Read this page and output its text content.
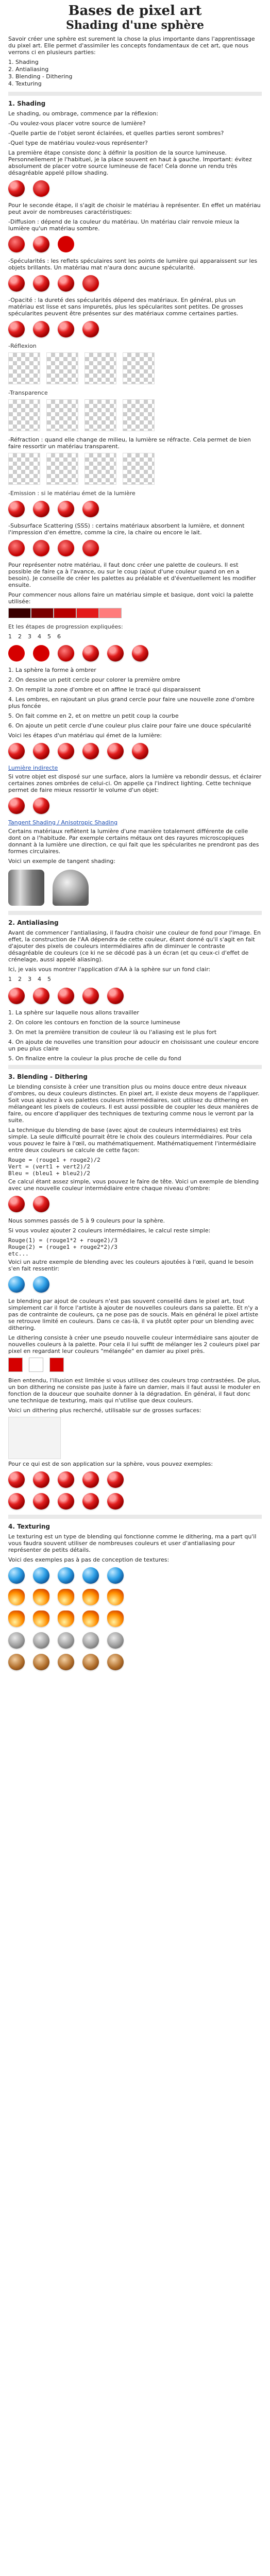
Bases de pixel art
Shading d'une sphère

Savoir créer une sphère est surement la chose la plus importante dans l'apprentissage du pixel art. Elle permet d'assimiler les concepts fondamentaux de cet art, que nous verrons ci en plusieurs parties:

1. Shading
2. Antialiasing
3. Blending - Dithering
4. Texturing
1. Shading

Le shading, ou ombrage, commence par la réflexion:

-Ou voulez-vous placer votre source de lumière?

-Quelle partie de l'objet seront éclairées, et quelles parties seront sombres?

-Quel type de matériau voulez-vous représenter?

La première étape consiste donc à définir la position de la source lumineuse. Personnellement je l'habituel, je la place souvent en haut à gauche. Important: évitez absolument de placer votre source lumineuse de face! Cela donne un rendu très désagréable appelé pillow shading.

Pour le seconde étape, il s'agit de choisir le matériau à représenter. En effet un matériau peut avoir de nombreuses caractéristiques:

-Diffusion : dépend de la couleur du matériau. Un matériau clair renvoie mieux la lumière qu'un matériau sombre.

-Spécularités : les reflets spéculaires sont les points de lumière qui apparaissent sur les objets brillants. Un matériau mat n'aura donc aucune spécularité.

-Opacité : la dureté des spécularités dépend des matériaux. En général, plus un matériau est lisse et sans impuretés, plus les spécularites sont petites. De grosses spécularites peuvent être présentes sur des matériaux comme certaines parties.

-Réflexion
-Transparence

-Réfraction : quand elle change de milieu, la lumière se réfracte. Cela permet de bien faire ressortir un matériau transparent.

-Emission : si le matériau émet de la lumière

-Subsurface Scattering (SSS) : certains matériaux absorbent la lumière, et donnent l'impression d'en émettre, comme la cire, la chaire ou encore le lait.

Pour représenter notre matériau, il faut donc créer une palette de couleurs. Il est possible de faire ça à l'avance, ou sur le coup (ajout d'une couleur quand on en a besoin). Je conseille de créer les palettes au préalable et d'éventuellement les modifier ensuite.

Pour commencer nous allons faire un matériau simple et basique, dont voici la palette utilisée:

Et les étapes de progression expliquées:
1 2 3 4 5 6

1. La sphère la forme à ombrer

2. On dessine un petit cercle pour colorer la première ombre

3. On remplit la zone d'ombre et on affine le tracé qui disparaissent

4. Les ombres, en rajoutant un plus grand cercle pour faire une nouvelle zone d'ombre plus foncée

5. On fait comme en 2, et on mettre un petit coup la courbe

6. On ajoute un petit cercle d'une couleur plus claire pour faire une douce spécularité

Voici les étapes d'un matériau qui émet de la lumière:

Lumière indirecte

Si votre objet est disposé sur une surface, alors la lumière va rebondir dessus, et éclairer certaines zones ombrées de celui-ci. On appelle ça l'indirect lighting. Cette technique permet de faire mieux ressortir le volume d'un objet:

Tangent Shading / Anisotropic Shading

Certains matériaux reflètent la lumière d'une manière totalement différente de celle dont on a l'habitude. Par exemple certains métaux ont des rayures microscopiques donnant à la lumière une direction, ce qui fait que les spécularites ne prendront pas des formes circulaires.

Voici un exemple de tangent shading:

2. Antialiasing

Avant de commencer l'antialiasing, il faudra choisir une couleur de fond pour l'image. En effet, la construction de l'AA dépendra de cette couleur, étant donné qu'il s'agit en fait d'ajouter des pixels de couleurs intermédiaires afin de diminuer le contraste désagréable de couleurs (ce ki ne se décodé pas à un écran (et qu ceux-ci d'effet de crénelage, aussi appelé aliasing).

Ici, je vais vous montrer l'application d'AA à la sphère sur un fond clair:

1 2 3 4 5

1. La sphère sur laquelle nous allons travailler

2. On colore les contours en fonction de la source lumineuse

3. On met la première transition de couleur là ou l'aliasing est le plus fort

4. On ajoute de nouvelles une transition pour adoucir en choisissant une couleur encore un peu plus claire

5. On finalize entre la couleur la plus proche de celle du fond

3. Blending - Dithering

Le blending consiste à créer une transition plus ou moins douce entre deux niveaux d'ombres, ou deux couleurs distinctes. En pixel art, il existe deux moyens de l'appliquer. Soit vous ajoutez à vos palettes couleurs intermédiaires, soit utilisez du dithering en mélangeant les pixels de couleurs. Il est aussi possible de coupler les deux manières de faire, ou encore d'appliquer des techniques de texturing comme nous le verront par la suite.

La technique du blending de base (avec ajout de couleurs intermédiaires) est très simple. La seule difficulté pourrait être le choix des couleurs intermédiaires. Pour cela vous pouvez le faire à l'œil, ou mathématiquement. Mathématiquement l'intermédiaire entre deux couleurs se calcule de cette façon:

Rouge = (rouge1 + rouge2)/2
Vert = (vert1 + vert2)/2
Bleu = (bleu1 + bleu2)/2

Ce calcul étant assez simple, vous pouvez le faire de tête. Voici un exemple de blending avec une nouvelle couleur intermédiaire entre chaque niveau d'ombre:

Nous sommes passés de 5 à 9 couleurs pour la sphère.

Si vous voulez ajouter 2 couleurs intermédiaires, le calcul reste simple:

Rouge(1) = (rouge1*2 + rouge2)/3
Rouge(2) = (rouge1 + rouge2*2)/3
etc...

Voici un autre exemple de blending avec les couleurs ajoutées à l'œil, quand le besoin s'en fait ressentir:

Le blending par ajout de couleurs n'est pas souvent conseillé dans le pixel art, tout simplement car il force l'artiste à ajouter de nouvelles couleurs dans sa palette. Et n'y a pas de contrainte de couleurs, ça ne pose pas de soucis. Mais en général le pixel artiste se retrouve limité en couleurs. Dans ce cas-là, il va plutôt opter pour un blending avec dithering.

Le dithering consiste à créer une pseudo nouvelle couleur intermédiaire sans ajouter de nouvelles couleurs à la palette. Pour cela il lui suffit de mélanger les 2 couleurs pixel par pixel en regardant leur couleurs "mélangée" en damier au pixel près.

Bien entendu, l'illusion est limitée si vous utilisez des couleurs trop contrastées. De plus, un bon dithering ne consiste pas juste à faire un damier, mais il faut aussi le moduler en fonction de la douceur que souhaite donner à la dégradation. En général, il faut donc une technique de texturing, mais qui n'utilise que deux couleurs.

Voici un dithering plus recherché, utilisable sur de grosses surfaces:

Pour ce qui est de son application sur la sphère, vous pouvez exemples:

4. Texturing

Le texturing est un type de blending qui fonctionne comme le dithering, ma a part qu'il vous faudra souvent utiliser de nombreuses couleurs et user d'antialiasing pour représenter de petits détails.

Voici des exemples pas à pas de conception de textures:
